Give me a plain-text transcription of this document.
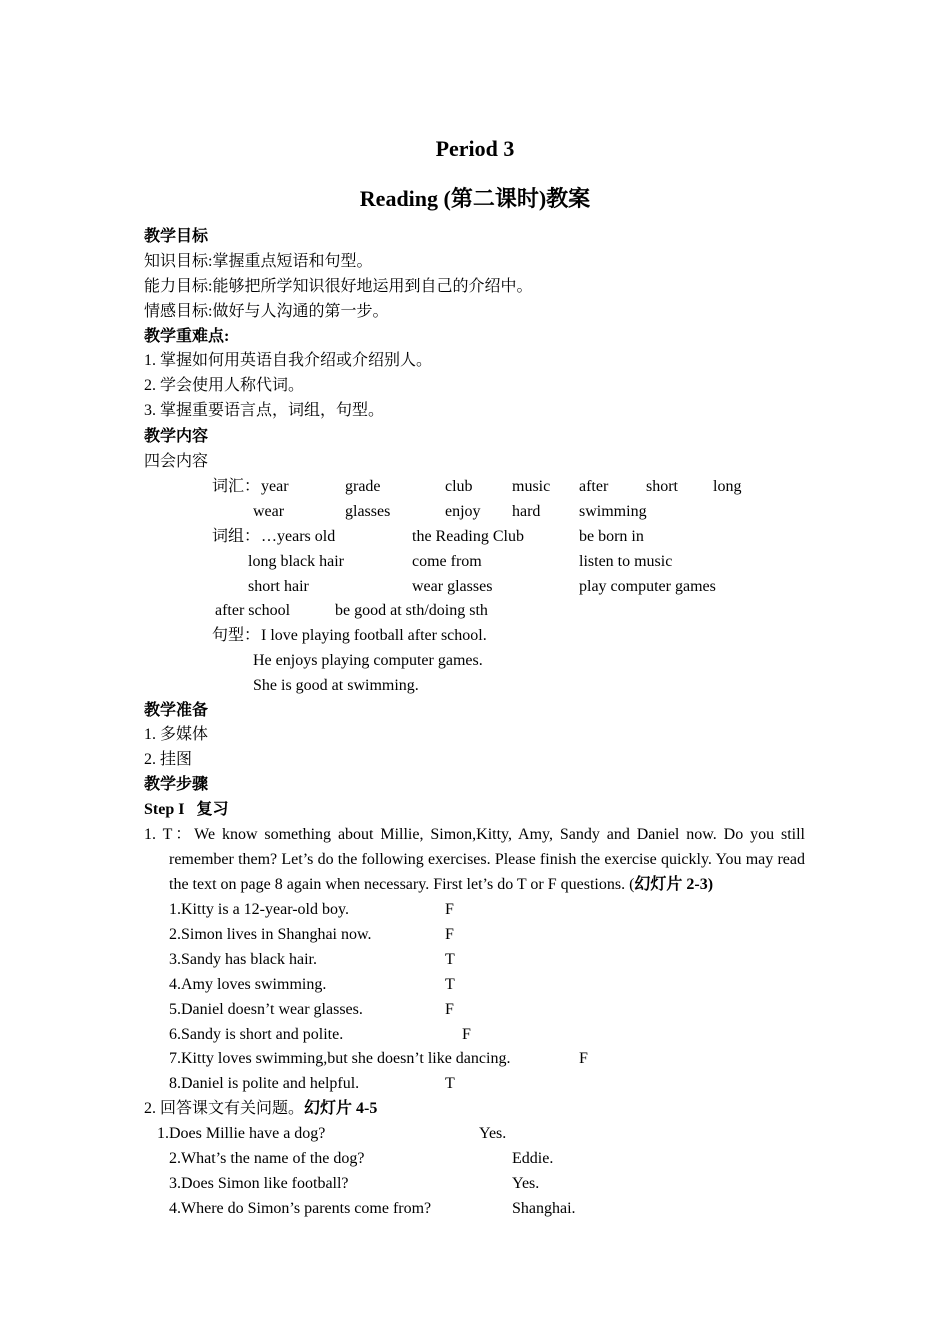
Period 3
Reading (第二课时)教案
教学目标
知识目标:掌握重点短语和句型。
能力目标:能够把所学知识很好地运用到自己的介绍中。
情感目标:做好与人沟通的第一步。
教学重难点:
1. 掌握如何用英语自我介绍或介绍别人。
2. 学会使用人称代词。
3. 掌握重要语言点，词组，句型。
教学内容
四会内容
词汇： year	grade	club music after short long
wear	glasses	enjoy hard swimming
词组： …years old	the Reading Club	be born in
long black hair	come from	listen to music
short hair	wear glasses	play computer games
after school	be good at sth/doing sth
句型： I love playing football after school.
He enjoys playing computer games.
She is good at swimming.
教学准备
1. 多媒体
2. 挂图
教学步骤
Step I 复习
1. T：We know something about Millie, Simon,Kitty, Amy, Sandy and Daniel now. Do you still remember them? Let’s do the following exercises. Please finish the exercise quickly. You may read the text on page 8 again when necessary. First let’s do T or F questions. (幻灯片 2-3)
1.Kitty is a 12-year-old boy.	F
2.Simon lives in Shanghai now.	F
3.Sandy has black hair.	T
4.Amy loves swimming.	T
5.Daniel doesn’t wear glasses.	F
6.Sandy is short and polite.	F
7.Kitty loves swimming,but she doesn’t like dancing.	F
8.Daniel is polite and helpful.	T
2. 回答课文有关问题。幻灯片 4-5
1.Does Millie have a dog?	Yes.
2.What’s the name of the dog?	Eddie.
3.Does Simon like football?	Yes.
4.Where do Simon’s parents come from?	Shanghai.
